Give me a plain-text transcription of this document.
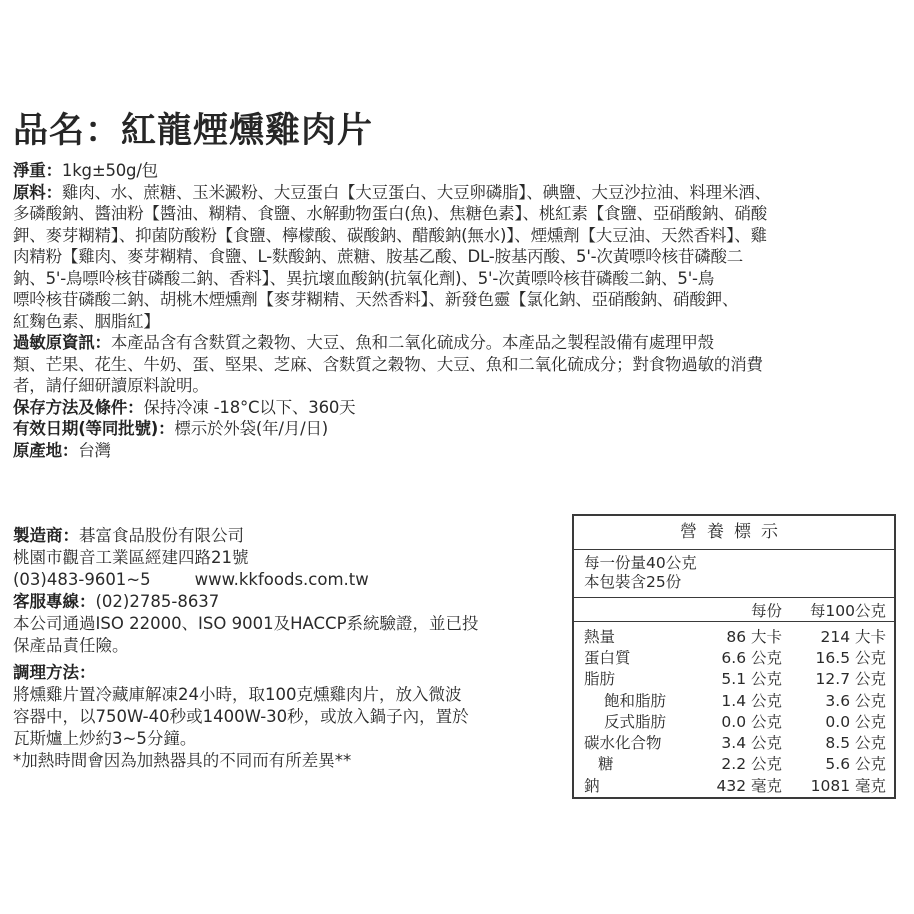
品名：紅龍煙燻雞肉片
淨重：1kg±50g/包
原料：雞肉、水、蔗糖、玉米澱粉、大豆蛋白【大豆蛋白、大豆卵磷脂】、碘鹽、大豆沙拉油、料理米酒、
多磷酸鈉、醬油粉【醬油、糊精、食鹽、水解動物蛋白(魚)、焦糖色素】、桃紅素【食鹽、亞硝酸鈉、硝酸
鉀、麥芽糊精】、抑菌防酸粉【食鹽、檸檬酸、碳酸鈉、醋酸鈉(無水)】、煙燻劑【大豆油、天然香料】、雞
肉精粉【雞肉、麥芽糊精、食鹽、L-麩酸鈉、蔗糖、胺基乙酸、DL-胺基丙酸、5'-次黃嘌呤核苷磷酸二
鈉、5'-鳥嘌呤核苷磷酸二鈉、香料】、異抗壞血酸鈉(抗氧化劑)、5'-次黃嘌呤核苷磷酸二鈉、5'-鳥
嘌呤核苷磷酸二鈉、胡桃木煙燻劑【麥芽糊精、天然香料】、新發色靈【氯化鈉、亞硝酸鈉、硝酸鉀、
紅麴色素、胭脂紅】
過敏原資訊：本產品含有含麩質之穀物、大豆、魚和二氧化硫成分。本產品之製程設備有處理甲殼
類、芒果、花生、牛奶、蛋、堅果、芝麻、含麩質之穀物、大豆、魚和二氧化硫成分；對食物過敏的消費
者，請仔細研讀原料說明。
保存方法及條件：保持冷凍 -18°C以下、360天
有效日期(等同批號)：標示於外袋(年/月/日)
原產地：台灣
製造商：碁富食品股份有限公司
桃園市觀音工業區經建四路21號
(03)483-9601~5	www.kkfoods.com.tw
客服專線：(02)2785-8637
本公司通過ISO 22000、ISO 9001及HACCP系統驗證，並已投
保產品責任險。
調理方法：
將燻雞片置冷藏庫解凍24小時，取100克燻雞肉片，放入微波
容器中，以750W-40秒或1400W-30秒，或放入鍋子內，置於
瓦斯爐上炒約3~5分鐘。
*加熱時間會因為加熱器具的不同而有所差異**
營養標示
每一份量40公克
本包裝含25份
每份	每100公克
熱量	86 大卡	214 大卡
蛋白質	6.6 公克	16.5 公克
脂肪	5.1 公克	12.7 公克
飽和脂肪	1.4 公克	3.6 公克
反式脂肪	0.0 公克	0.0 公克
碳水化合物	3.4 公克	8.5 公克
糖	2.2 公克	5.6 公克
鈉	432 毫克	1081 毫克
